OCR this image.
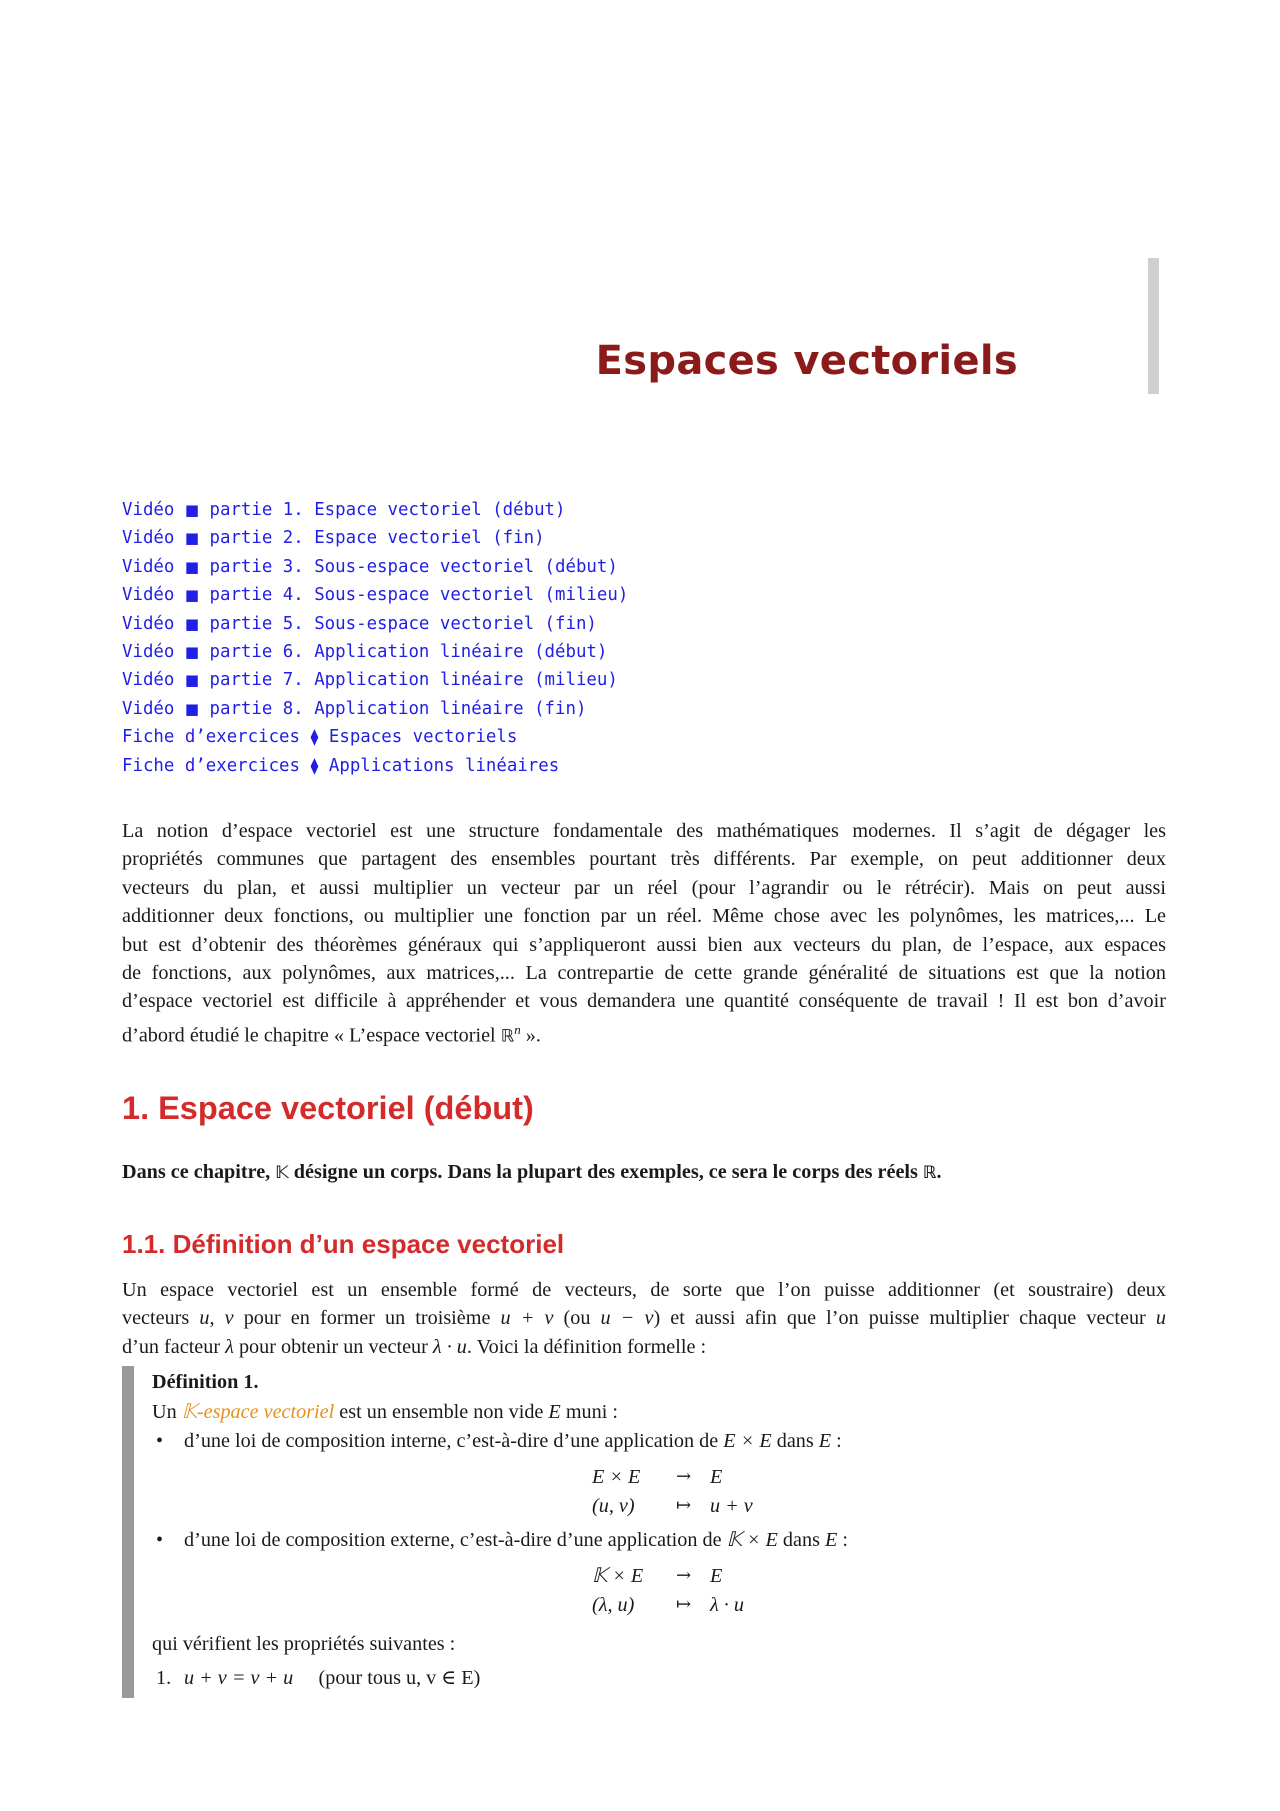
Espaces vectoriels
Vidéo ■ partie 1. Espace vectoriel (début)
Vidéo ■ partie 2. Espace vectoriel (fin)
Vidéo ■ partie 3. Sous-espace vectoriel (début)
Vidéo ■ partie 4. Sous-espace vectoriel (milieu)
Vidéo ■ partie 5. Sous-espace vectoriel (fin)
Vidéo ■ partie 6. Application linéaire (début)
Vidéo ■ partie 7. Application linéaire (milieu)
Vidéo ■ partie 8. Application linéaire (fin)
Fiche d’exercices ⧫ Espaces vectoriels
Fiche d’exercices ⧫ Applications linéaires
La notion d’espace vectoriel est une structure fondamentale des mathématiques modernes. Il s’agit de dégager les
propriétés communes que partagent des ensembles pourtant très différents. Par exemple, on peut additionner deux
vecteurs du plan, et aussi multiplier un vecteur par un réel (pour l’agrandir ou le rétrécir). Mais on peut aussi
additionner deux fonctions, ou multiplier une fonction par un réel. Même chose avec les polynômes, les matrices,... Le
but est d’obtenir des théorèmes généraux qui s’appliqueront aussi bien aux vecteurs du plan, de l’espace, aux espaces
de fonctions, aux polynômes, aux matrices,... La contrepartie de cette grande généralité de situations est que la notion
d’espace vectoriel est difficile à appréhender et vous demandera une quantité conséquente de travail ! Il est bon d’avoir
d’abord étudié le chapitre « L’espace vectoriel ℝ$^n$ ».
1. Espace vectoriel (début)

Dans ce chapitre, 𝕂 désigne un corps. Dans la plupart des exemples, ce sera le corps des réels ℝ.

1.1. Définition d’un espace vectoriel
Un espace vectoriel est un ensemble formé de vecteurs, de sorte que l’on puisse additionner (et soustraire) deux
vecteurs u, v pour en former un troisième u + v (ou u − v) et aussi afin que l’on puisse multiplier chaque vecteur u
d’un facteur λ pour obtenir un vecteur λ · u. Voici la définition formelle :

Définition 1.

Un 𝕂-espace vectoriel est un ensemble non vide E muni :

• d’une loi de composition interne, c’est-à-dire d’une application de E × E dans E :
E × E → E
(u, v) ↦ u + v
• d’une loi de composition externe, c’est-à-dire d’une application de 𝕂 × E dans E :
𝕂 × E → E
(λ, u) ↦ λ · u

qui vérifient les propriétés suivantes :

1. u + v = v + u (pour tous u, v ∈ E)
